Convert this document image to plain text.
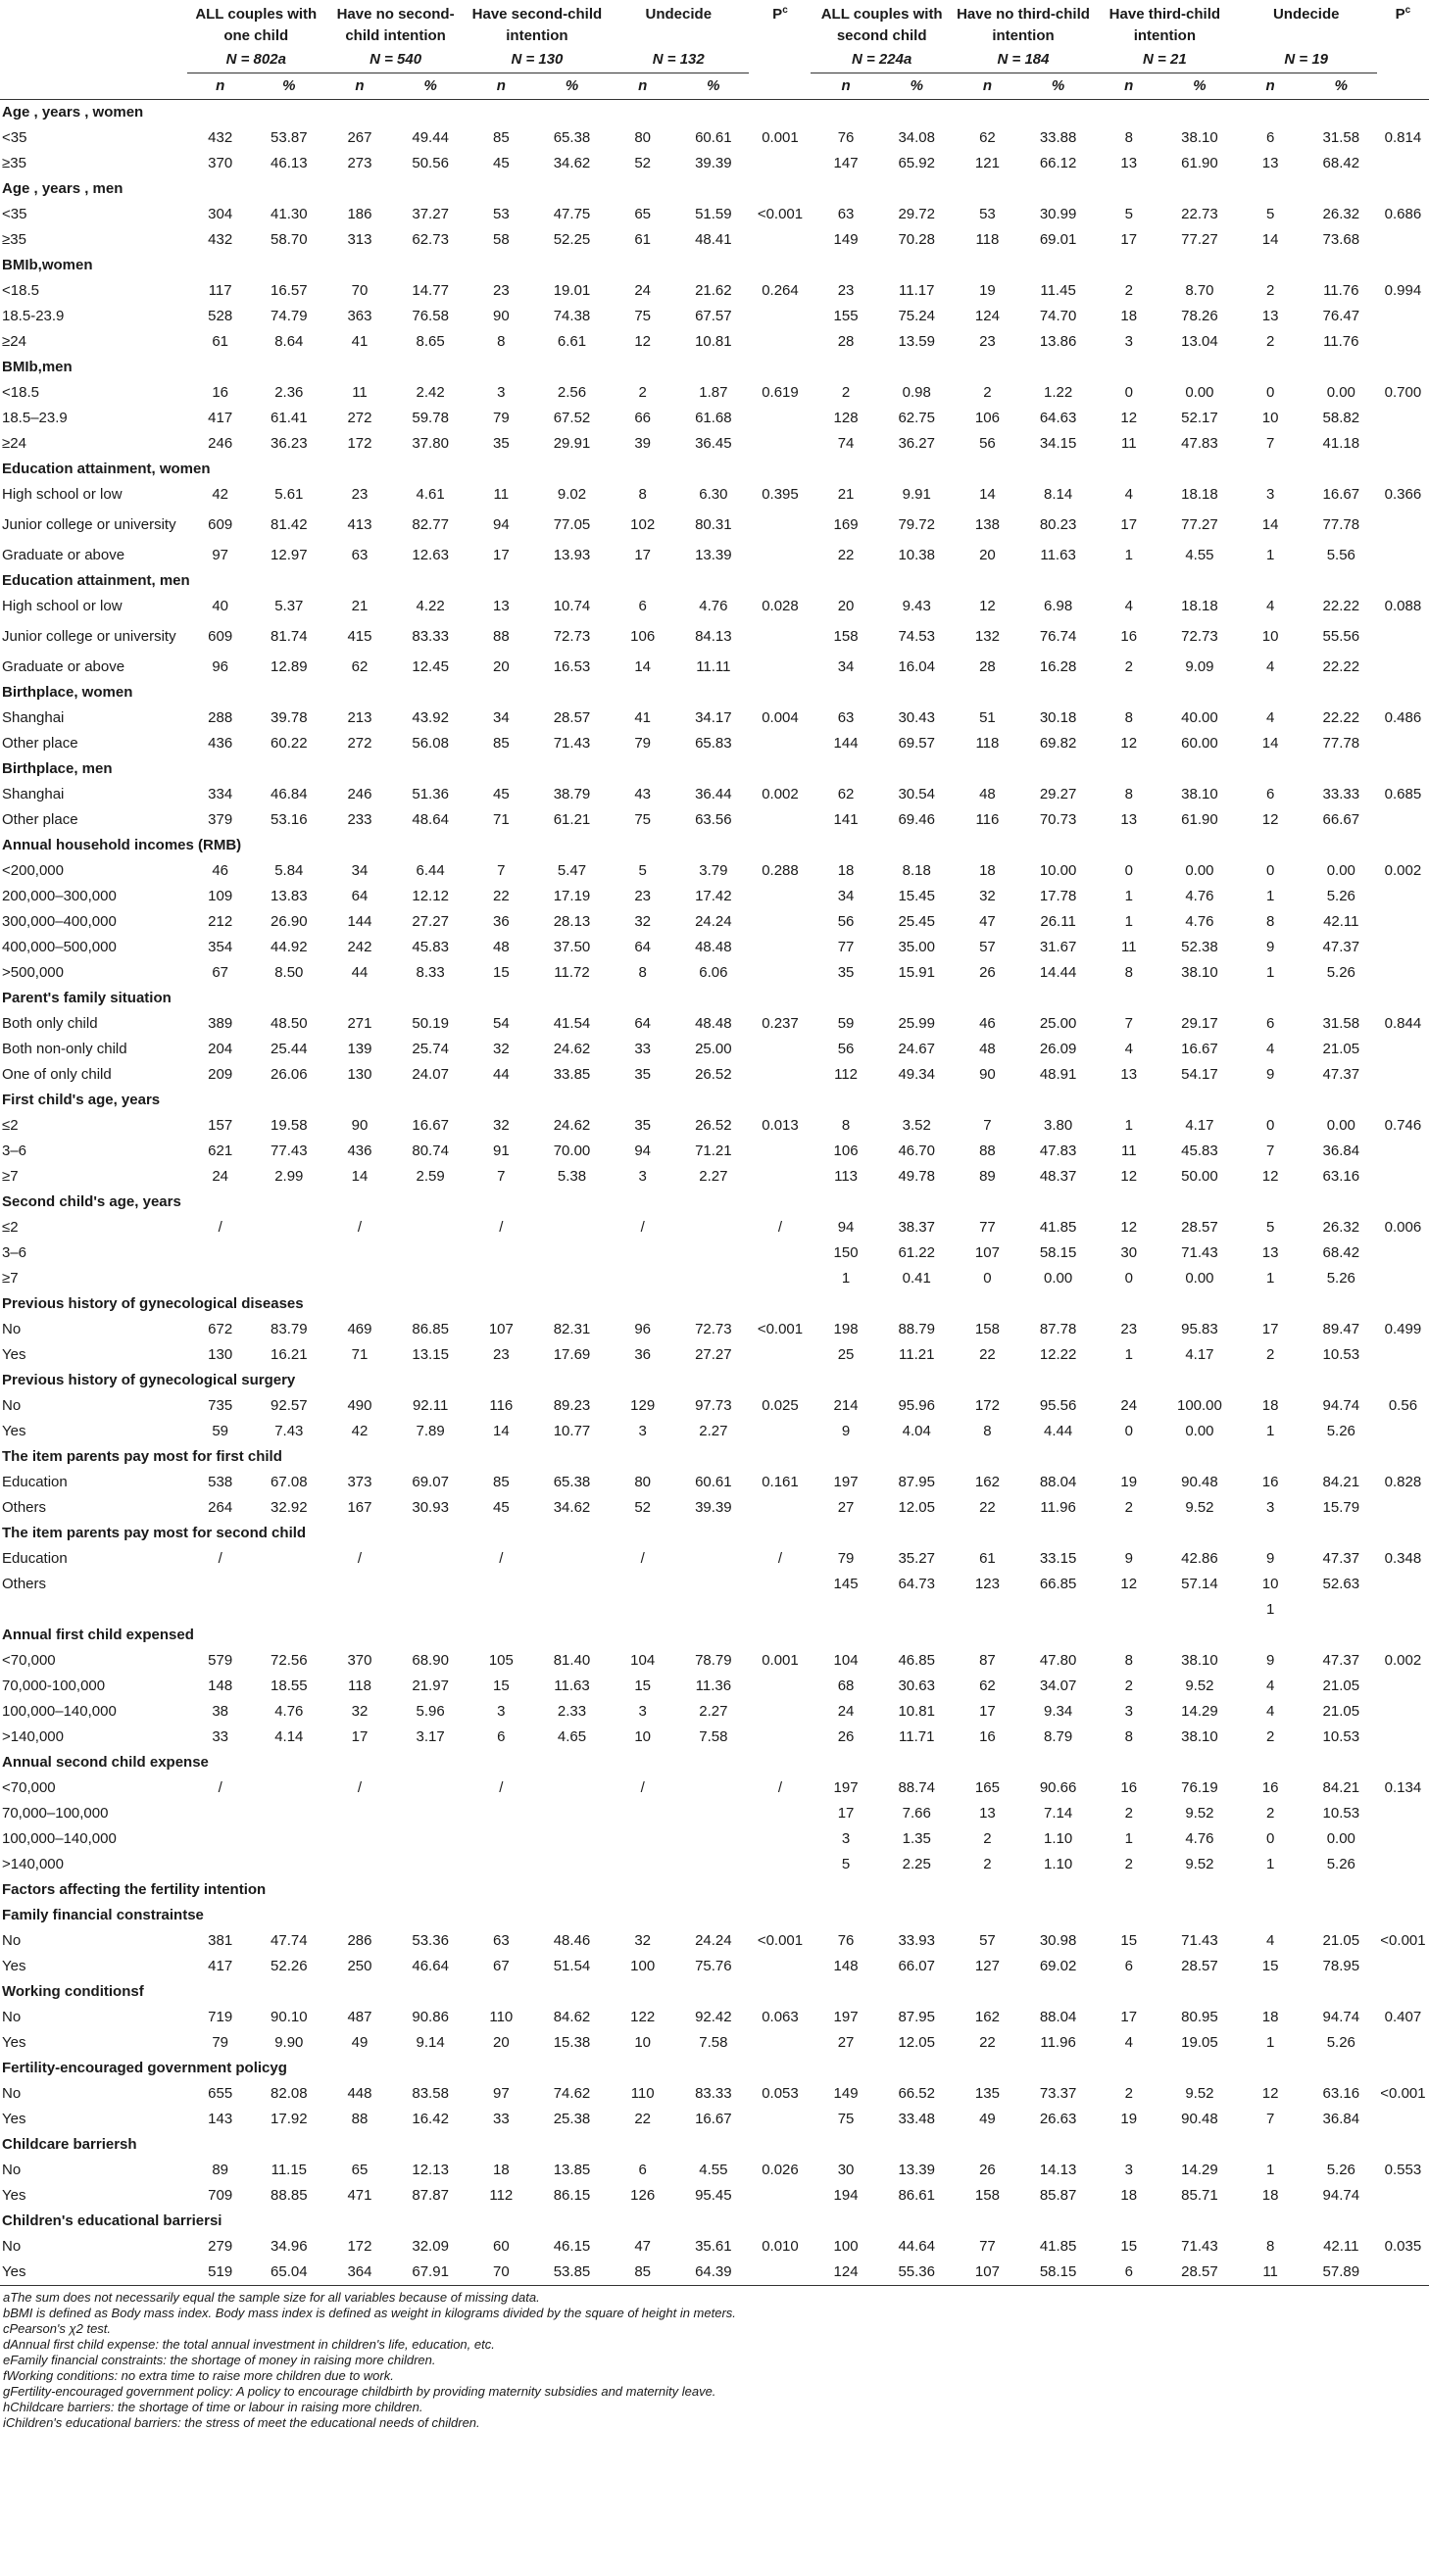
	ALL couples with one child		Have no second-child intention		Have second-child intention		Undecide		$P^c$	ALL couples with second child		Have no third-child intention		Have third-child intention		Undecide		$P^c$
	N = 802a		N = 540		N = 130		N = 132			N = 224a		N = 184		N = 21		N = 19		
	n	%	n	%	n	%	n	%		n	%	n	%	n	%	n	%	
Age , years , women																		
<35	432	53.87	267	49.44	85	65.38	80	60.61	0.001	76	34.08	62	33.88	8	38.10	6	31.58	0.814
≥35	370	46.13	273	50.56	45	34.62	52	39.39		147	65.92	121	66.12	13	61.90	13	68.42	
Age , years , men																		
<35	304	41.30	186	37.27	53	47.75	65	51.59	<0.001	63	29.72	53	30.99	5	22.73	5	26.32	0.686
≥35	432	58.70	313	62.73	58	52.25	61	48.41		149	70.28	118	69.01	17	77.27	14	73.68	
BMIb,women																		
<18.5	117	16.57	70	14.77	23	19.01	24	21.62	0.264	23	11.17	19	11.45	2	8.70	2	11.76	0.994
18.5-23.9	528	74.79	363	76.58	90	74.38	75	67.57		155	75.24	124	74.70	18	78.26	13	76.47	
≥24	61	8.64	41	8.65	8	6.61	12	10.81		28	13.59	23	13.86	3	13.04	2	11.76	
BMIb,men																		
<18.5	16	2.36	11	2.42	3	2.56	2	1.87	0.619	2	0.98	2	1.22	0	0.00	0	0.00	0.700
18.5–23.9	417	61.41	272	59.78	79	67.52	66	61.68		128	62.75	106	64.63	12	52.17	10	58.82	
≥24	246	36.23	172	37.80	35	29.91	39	36.45		74	36.27	56	34.15	11	47.83	7	41.18	
Education attainment, women																		
High school or low	42	5.61	23	4.61	11	9.02	8	6.30	0.395	21	9.91	14	8.14	4	18.18	3	16.67	0.366
Junior college or university	609	81.42	413	82.77	94	77.05	102	80.31		169	79.72	138	80.23	17	77.27	14	77.78	
Graduate or above	97	12.97	63	12.63	17	13.93	17	13.39		22	10.38	20	11.63	1	4.55	1	5.56	
Education attainment, men																		
High school or low	40	5.37	21	4.22	13	10.74	6	4.76	0.028	20	9.43	12	6.98	4	18.18	4	22.22	0.088
Junior college or university	609	81.74	415	83.33	88	72.73	106	84.13		158	74.53	132	76.74	16	72.73	10	55.56	
Graduate or above	96	12.89	62	12.45	20	16.53	14	11.11		34	16.04	28	16.28	2	9.09	4	22.22	
Birthplace, women																		
Shanghai	288	39.78	213	43.92	34	28.57	41	34.17	0.004	63	30.43	51	30.18	8	40.00	4	22.22	0.486
Other place	436	60.22	272	56.08	85	71.43	79	65.83		144	69.57	118	69.82	12	60.00	14	77.78	
Birthplace, men																		
Shanghai	334	46.84	246	51.36	45	38.79	43	36.44	0.002	62	30.54	48	29.27	8	38.10	6	33.33	0.685
Other place	379	53.16	233	48.64	71	61.21	75	63.56		141	69.46	116	70.73	13	61.90	12	66.67	
Annual household incomes (RMB)																		
<200,000	46	5.84	34	6.44	7	5.47	5	3.79	0.288	18	8.18	18	10.00	0	0.00	0	0.00	0.002
200,000–300,000	109	13.83	64	12.12	22	17.19	23	17.42		34	15.45	32	17.78	1	4.76	1	5.26	
300,000–400,000	212	26.90	144	27.27	36	28.13	32	24.24		56	25.45	47	26.11	1	4.76	8	42.11	
400,000–500,000	354	44.92	242	45.83	48	37.50	64	48.48		77	35.00	57	31.67	11	52.38	9	47.37	
>500,000	67	8.50	44	8.33	15	11.72	8	6.06		35	15.91	26	14.44	8	38.10	1	5.26	
Parent's family situation																		
Both only child	389	48.50	271	50.19	54	41.54	64	48.48	0.237	59	25.99	46	25.00	7	29.17	6	31.58	0.844
Both non-only child	204	25.44	139	25.74	32	24.62	33	25.00		56	24.67	48	26.09	4	16.67	4	21.05	
One of only child	209	26.06	130	24.07	44	33.85	35	26.52		112	49.34	90	48.91	13	54.17	9	47.37	
First child's age, years																		
≤2	157	19.58	90	16.67	32	24.62	35	26.52	0.013	8	3.52	7	3.80	1	4.17	0	0.00	0.746
3–6	621	77.43	436	80.74	91	70.00	94	71.21		106	46.70	88	47.83	11	45.83	7	36.84	
≥7	24	2.99	14	2.59	7	5.38	3	2.27		113	49.78	89	48.37	12	50.00	12	63.16	
Second child's age, years																		
≤2	/		/		/		/		/	94	38.37	77	41.85	12	28.57	5	26.32	0.006
3–6										150	61.22	107	58.15	30	71.43	13	68.42	
≥7										1	0.41	0	0.00	0	0.00	1	5.26	
Previous history of gynecological diseases																		
No	672	83.79	469	86.85	107	82.31	96	72.73	<0.001	198	88.79	158	87.78	23	95.83	17	89.47	0.499
Yes	130	16.21	71	13.15	23	17.69	36	27.27		25	11.21	22	12.22	1	4.17	2	10.53	
Previous history of gynecological surgery																		
No	735	92.57	490	92.11	116	89.23	129	97.73	0.025	214	95.96	172	95.56	24	100.00	18	94.74	0.56
Yes	59	7.43	42	7.89	14	10.77	3	2.27		9	4.04	8	4.44	0	0.00	1	5.26	
The item parents pay most for first child																		
Education	538	67.08	373	69.07	85	65.38	80	60.61	0.161	197	87.95	162	88.04	19	90.48	16	84.21	0.828
Others	264	32.92	167	30.93	45	34.62	52	39.39		27	12.05	22	11.96	2	9.52	3	15.79	
The item parents pay most for second child																		
Education	/		/		/		/		/	79	35.27	61	33.15	9	42.86	9	47.37	0.348
Others										145	64.73	123	66.85	12	57.14	10	52.63	
																1		
Annual first child expensed																		
<70,000	579	72.56	370	68.90	105	81.40	104	78.79	0.001	104	46.85	87	47.80	8	38.10	9	47.37	0.002
70,000-100,000	148	18.55	118	21.97	15	11.63	15	11.36		68	30.63	62	34.07	2	9.52	4	21.05	
100,000–140,000	38	4.76	32	5.96	3	2.33	3	2.27		24	10.81	17	9.34	3	14.29	4	21.05	
>140,000	33	4.14	17	3.17	6	4.65	10	7.58		26	11.71	16	8.79	8	38.10	2	10.53	
Annual second child expense																		
<70,000	/		/		/		/		/	197	88.74	165	90.66	16	76.19	16	84.21	0.134
70,000–100,000										17	7.66	13	7.14	2	9.52	2	10.53	
100,000–140,000										3	1.35	2	1.10	1	4.76	0	0.00	
>140,000										5	2.25	2	1.10	2	9.52	1	5.26	
Factors affecting the fertility intention																		
Family financial constraintse																		
No	381	47.74	286	53.36	63	48.46	32	24.24	<0.001	76	33.93	57	30.98	15	71.43	4	21.05	<0.001
Yes	417	52.26	250	46.64	67	51.54	100	75.76		148	66.07	127	69.02	6	28.57	15	78.95	
Working conditionsf																		
No	719	90.10	487	90.86	110	84.62	122	92.42	0.063	197	87.95	162	88.04	17	80.95	18	94.74	0.407
Yes	79	9.90	49	9.14	20	15.38	10	7.58		27	12.05	22	11.96	4	19.05	1	5.26	
Fertility-encouraged government policyg																		
No	655	82.08	448	83.58	97	74.62	110	83.33	0.053	149	66.52	135	73.37	2	9.52	12	63.16	<0.001
Yes	143	17.92	88	16.42	33	25.38	22	16.67		75	33.48	49	26.63	19	90.48	7	36.84	
Childcare barriersh																		
No	89	11.15	65	12.13	18	13.85	6	4.55	0.026	30	13.39	26	14.13	3	14.29	1	5.26	0.553
Yes	709	88.85	471	87.87	112	86.15	126	95.45		194	86.61	158	85.87	18	85.71	18	94.74	
Children's educational barriersi																		
No	279	34.96	172	32.09	60	46.15	47	35.61	0.010	100	44.64	77	41.85	15	71.43	8	42.11	0.035
Yes	519	65.04	364	67.91	70	53.85	85	64.39		124	55.36	107	58.15	6	28.57	11	57.89	
aThe sum does not necessarily equal the sample size for all variables because of missing data.
bBMI is defined as Body mass index. Body mass index is defined as weight in kilograms divided by the square of height in meters.
cPearson's χ2 test.
dAnnual first child expense: the total annual investment in children's life, education, etc.
eFamily financial constraints: the shortage of money in raising more children.
fWorking conditions: no extra time to raise more children due to work.
gFertility-encouraged government policy: A policy to encourage childbirth by providing maternity subsidies and maternity leave.
hChildcare barriers: the shortage of time or labour in raising more children.
iChildren's educational barriers: the stress of meet the educational needs of children.
